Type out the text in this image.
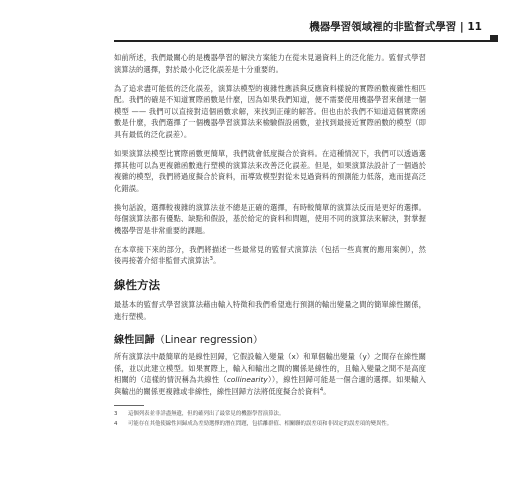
機器學習領域裡的非監督式學習 | 11

如前所述，我們最關心的是機器學習的解決方案能力在從未見過資料上的泛化能力。監督式學習演算法的選擇，對於最小化泛化誤差是十分重要的。

為了追求盡可能低的泛化誤差，演算法模型的複雜性應該與反應資料樣貌的實際函數複雜性相匹配。我們的確是不知道實際函數是什麼，因為如果我們知道，便不需要使用機器學習來創建一個模型 —— 我們可以直接對這個函數求解，來找到正確的解答。但也由於我們不知道這個實際函數是什麼，我們選擇了一個機器學習演算法來檢驗假設函數，並找到最接近實際函數的模型（即具有最低的泛化誤差）。

如果演算法模型比實際函數更簡單，我們就會低度擬合於資料。在這種情況下，我們可以透過選擇其他可以為更複雜函數進行塑模的演算法來改善泛化誤差。但是，如果演算法設計了一個過於複雜的模型，我們將過度擬合於資料，而導致模型對從未見過資料的預測能力低落，進而提高泛化錯誤。

換句話說，選擇較複雜的演算法並不總是正確的選擇，有時較簡單的演算法反而是更好的選擇。每個演算法都有優點、缺點和假設，基於給定的資料和問題，使用不同的演算法來解決，對掌握機器學習是非常重要的課題。

在本章接下來的部分，我們將描述一些最常見的監督式演算法（包括一些真實的應用案例），然後再接著介紹非監督式演算法$^3$。

線性方法

最基本的監督式學習演算法藉由輸入特徵和我們希望進行預測的輸出變量之間的簡單線性關係，進行塑模。

線性回歸（Linear regression）

所有演算法中最簡單的是線性回歸，它假設輸入變量（x）和單個輸出變量（y）之間存在線性關係，並以此建立模型。如果實際上，輸入和輸出之間的關係是線性的，且輸入變量之間不是高度相關的（這樣的情況稱為共線性（collinearity）），線性回歸可能是一個合適的選擇。如果輸入與輸出的關係更複雜或非線性，線性回歸方法將低度擬合於資料$^4$。

3	這個列表並非詳盡無遺，但的確列出了最常見的機器學習演算法。
4	可能存在其他使線性回歸成為差勁選擇的潛在問題，包括離群值、相關聯的誤差項和非固定的誤差項的變異性。
